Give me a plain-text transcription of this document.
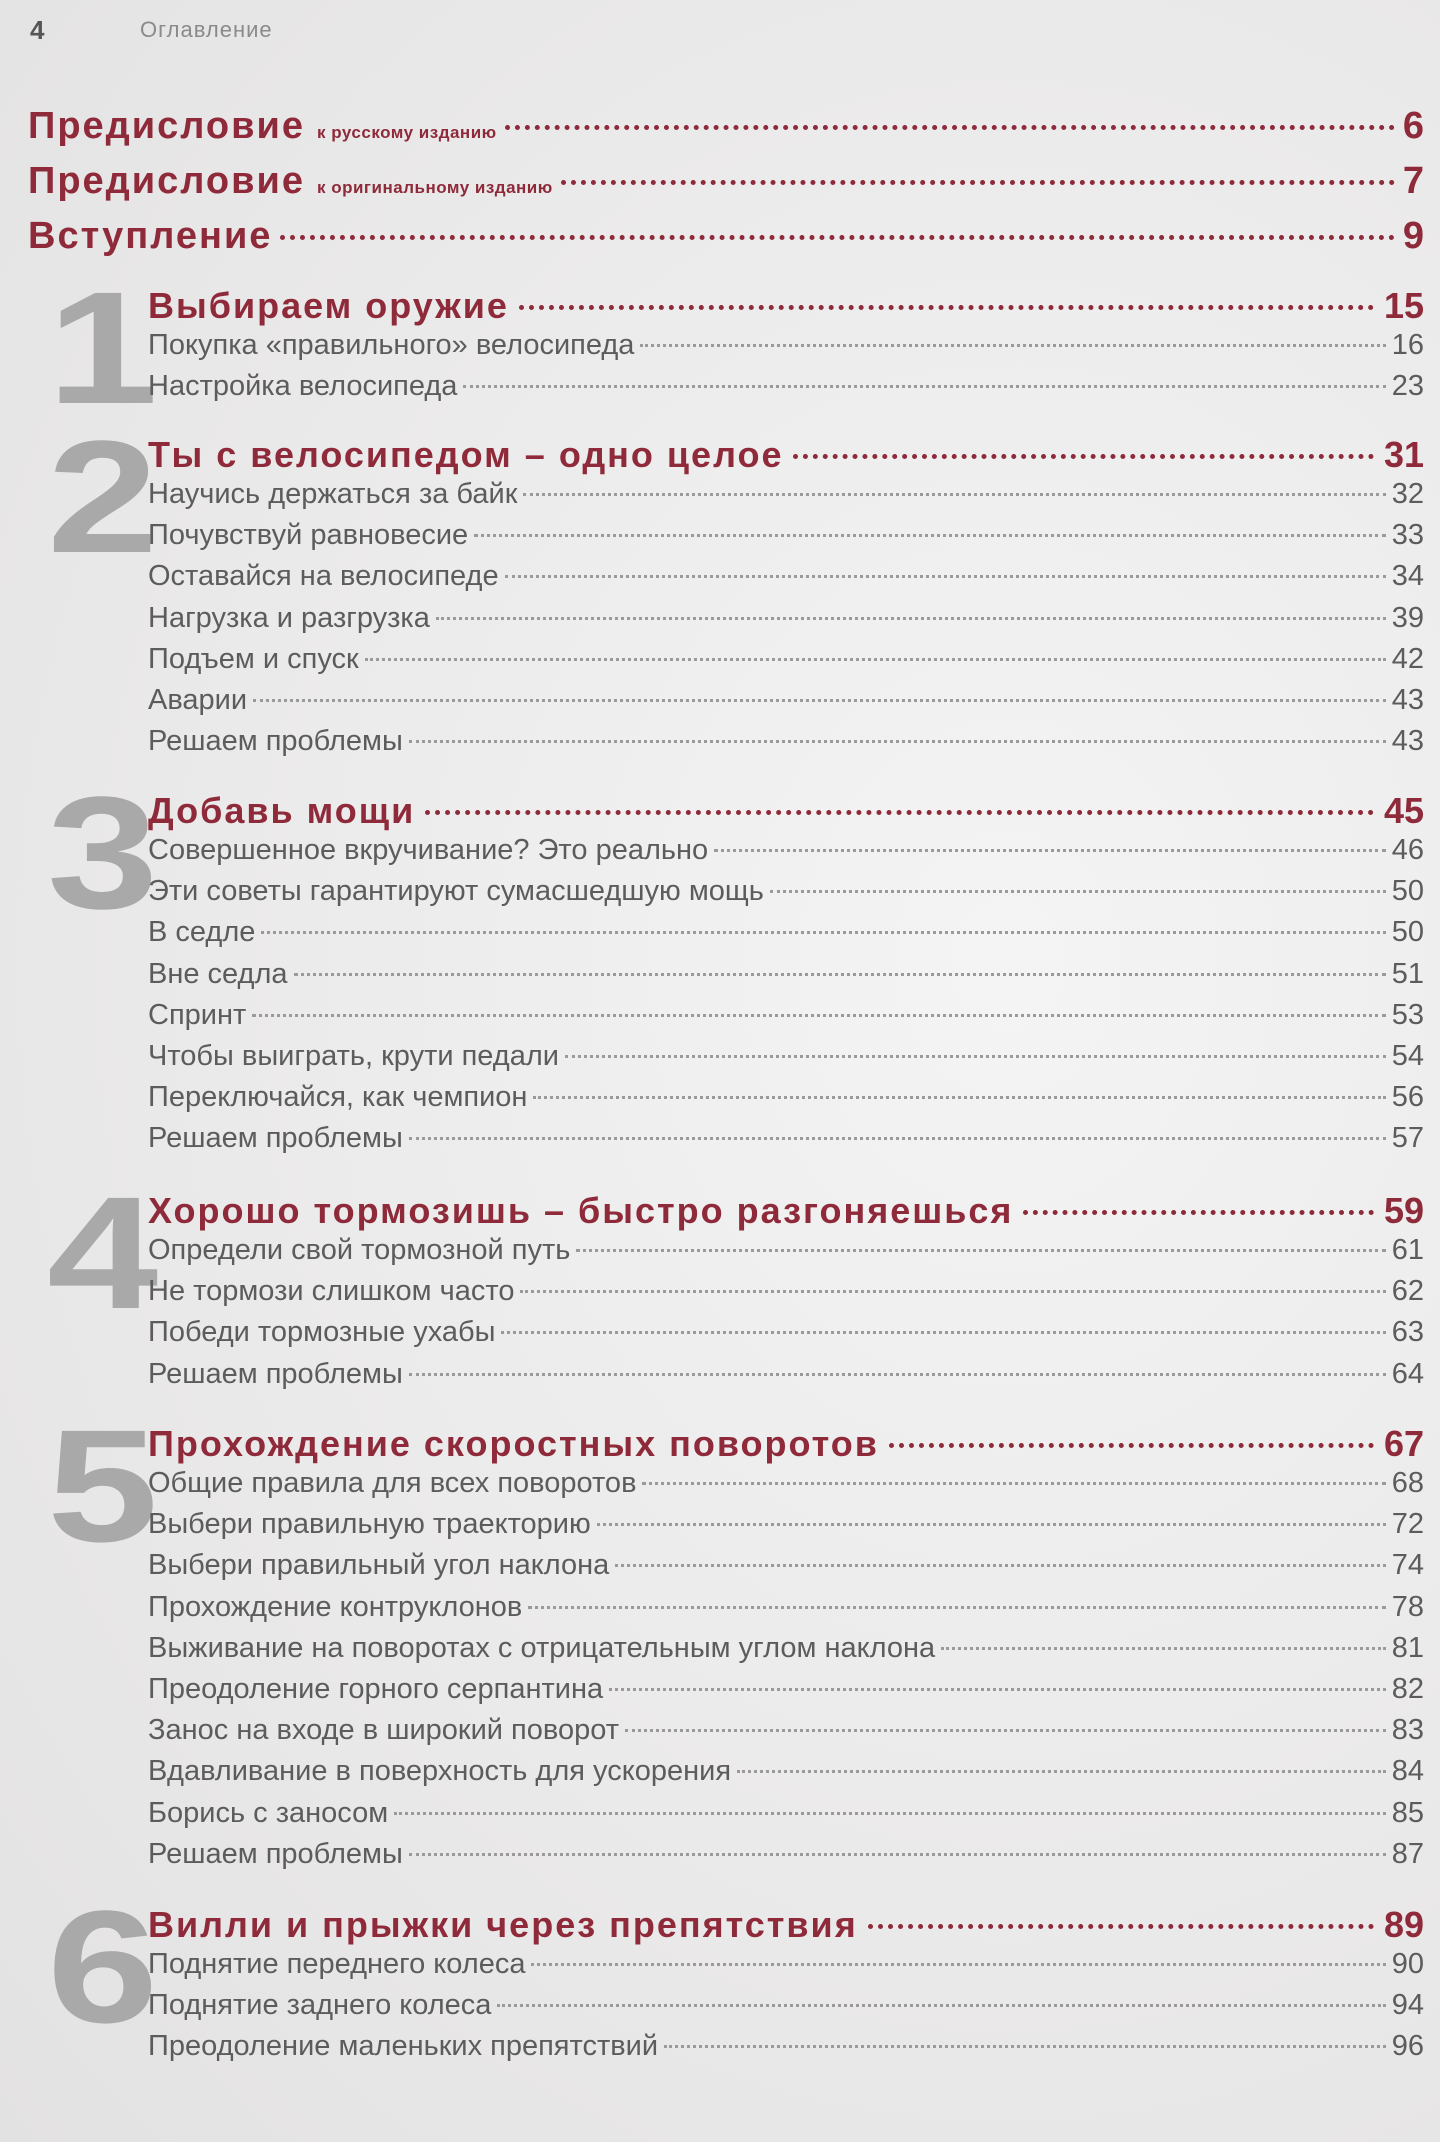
4	Оглавление
Предисловие к русскому изданию	6
Предисловие к оригинальному изданию	7
Вступление	9
1
Выбираем оружие	15
Покупка «правильного» велосипеда	16
Настройка велосипеда	23
2
Ты с велосипедом – одно целое	31
Научись держаться за байк	32
Почувствуй равновесие	33
Оставайся на велосипеде	34
Нагрузка и разгрузка	39
Подъем и спуск	42
Аварии	43
Решаем проблемы	43
3
Добавь мощи	45
Совершенное вкручивание? Это реально	46
Эти советы гарантируют сумасшедшую мощь	50
В седле	50
Вне седла	51
Спринт	53
Чтобы выиграть, крути педали	54
Переключайся, как чемпион	56
Решаем проблемы	57
4
Хорошо тормозишь – быстро разгоняешься	59
Определи свой тормозной путь	61
Не тормози слишком часто	62
Победи тормозные ухабы	63
Решаем проблемы	64
5
Прохождение скоростных поворотов	67
Общие правила для всех поворотов	68
Выбери правильную траекторию	72
Выбери правильный угол наклона	74
Прохождение контруклонов	78
Выживание на поворотах с отрицательным углом наклона	81
Преодоление горного серпантина	82
Занос на входе в широкий поворот	83
Вдавливание в поверхность для ускорения	84
Борись с заносом	85
Решаем проблемы	87
6
Вилли и прыжки через препятствия	89
Поднятие переднего колеса	90
Поднятие заднего колеса	94
Преодоление маленьких препятствий	96
